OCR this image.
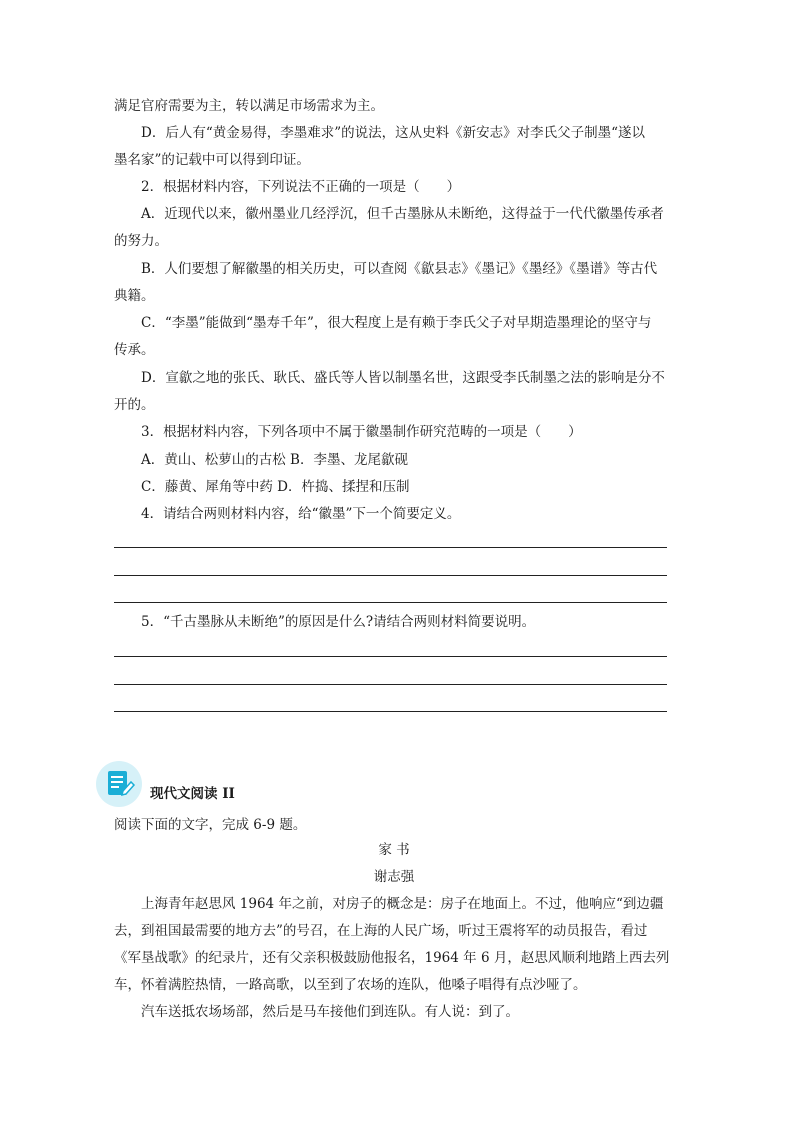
满足官府需要为主，转以满足市场需求为主。
D．后人有“黄金易得，李墨难求”的说法，这从史料《新安志》对李氏父子制墨“遂以
墨名家”的记载中可以得到印证。
2．根据材料内容，下列说法不正确的一项是（　　）
A．近现代以来，徽州墨业几经浮沉，但千古墨脉从未断绝，这得益于一代代徽墨传承者
的努力。
B．人们要想了解徽墨的相关历史，可以查阅《歙县志》《墨记》《墨经》《墨谱》等古代
典籍。
C．“李墨”能做到“墨寿千年”，很大程度上是有赖于李氏父子对早期造墨理论的坚守与
传承。
D．宣歙之地的张氏、耿氏、盛氏等人皆以制墨名世，这跟受李氏制墨之法的影响是分不
开的。
3．根据材料内容，下列各项中不属于徽墨制作研究范畴的一项是（　　）
A．黄山、松萝山的古松 B．李墨、龙尾歙砚
C．藤黄、犀角等中药 D．杵捣、揉捏和压制
4．请结合两则材料内容，给“徽墨”下一个简要定义。
5．“千古墨脉从未断绝”的原因是什么?请结合两则材料简要说明。
现代文阅读 II
阅读下面的文字，完成 6-9 题。
家 书
谢志强
上海青年赵思风 1964 年之前，对房子的概念是：房子在地面上。不过，他响应“到边疆
去，到祖国最需要的地方去”的号召，在上海的人民广场，听过王震将军的动员报告，看过
《军垦战歌》的纪录片，还有父亲积极鼓励他报名，1964 年 6 月，赵思风顺利地踏上西去列
车，怀着满腔热情，一路高歌，以至到了农场的连队，他嗓子唱得有点沙哑了。
汽车送抵农场场部，然后是马车接他们到连队。有人说：到了。
